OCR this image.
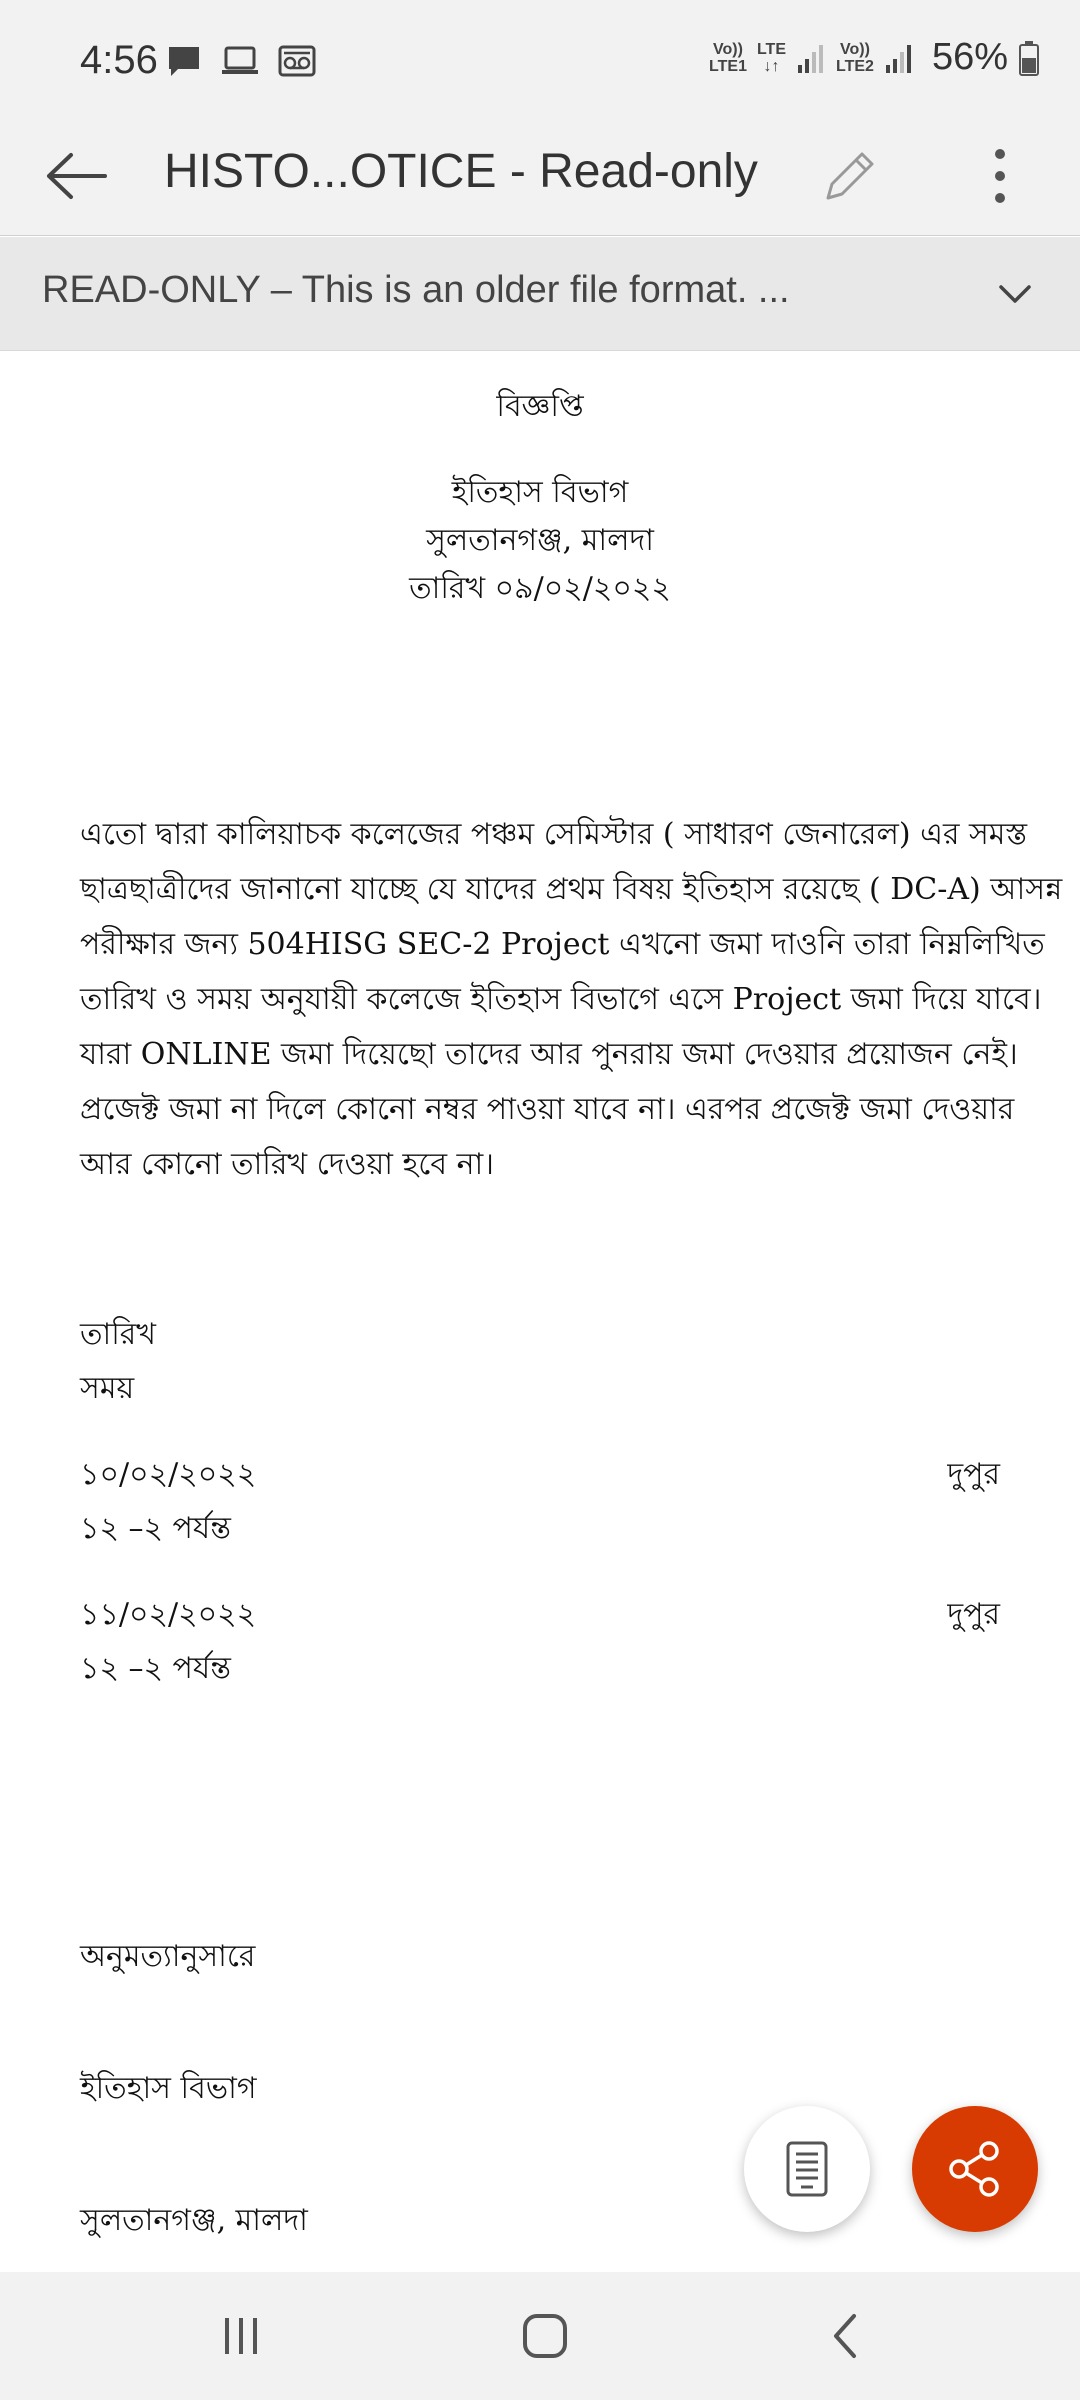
4:56	Vo))
LTE1
LTE
↓↑
Vo))
LTE2 56%
HISTO...OTICE - Read-only
READ-ONLY – This is an older file format. ...
বিজ্ঞপ্তি
ইতিহাস বিভাগ
সুলতানগঞ্জ, মালদা
তারিখ ০৯/০২/২০২২
এতো দ্বারা কালিয়াচক কলেজের পঞ্চম সেমিস্টার ( সাধারণ জেনারেল) এর সমস্ত
ছাত্রছাত্রীদের জানানো যাচ্ছে যে যাদের প্রথম বিষয় ইতিহাস রয়েছে ( DC-A) আসন্ন
পরীক্ষার জন্য 504HISG SEC-2 Project এখনো জমা দাওনি তারা নিম্নলিখিত
তারিখ ও সময় অনুযায়ী কলেজে ইতিহাস বিভাগে এসে Project জমা দিয়ে যাবে।
যারা ONLINE জমা দিয়েছো তাদের আর পুনরায় জমা দেওয়ার প্রয়োজন নেই।
প্রজেক্ট জমা না দিলে কোনো নম্বর পাওয়া যাবে না। এরপর প্রজেক্ট জমা দেওয়ার
আর কোনো তারিখ দেওয়া হবে না।
তারিখ
সময়
১০/০২/২০২২	দুপুর
১২ –২ পর্যন্ত
১১/০২/২০২২	দুপুর
১২ –২ পর্যন্ত
অনুমত্যানুসারে
ইতিহাস বিভাগ
সুলতানগঞ্জ, মালদা
